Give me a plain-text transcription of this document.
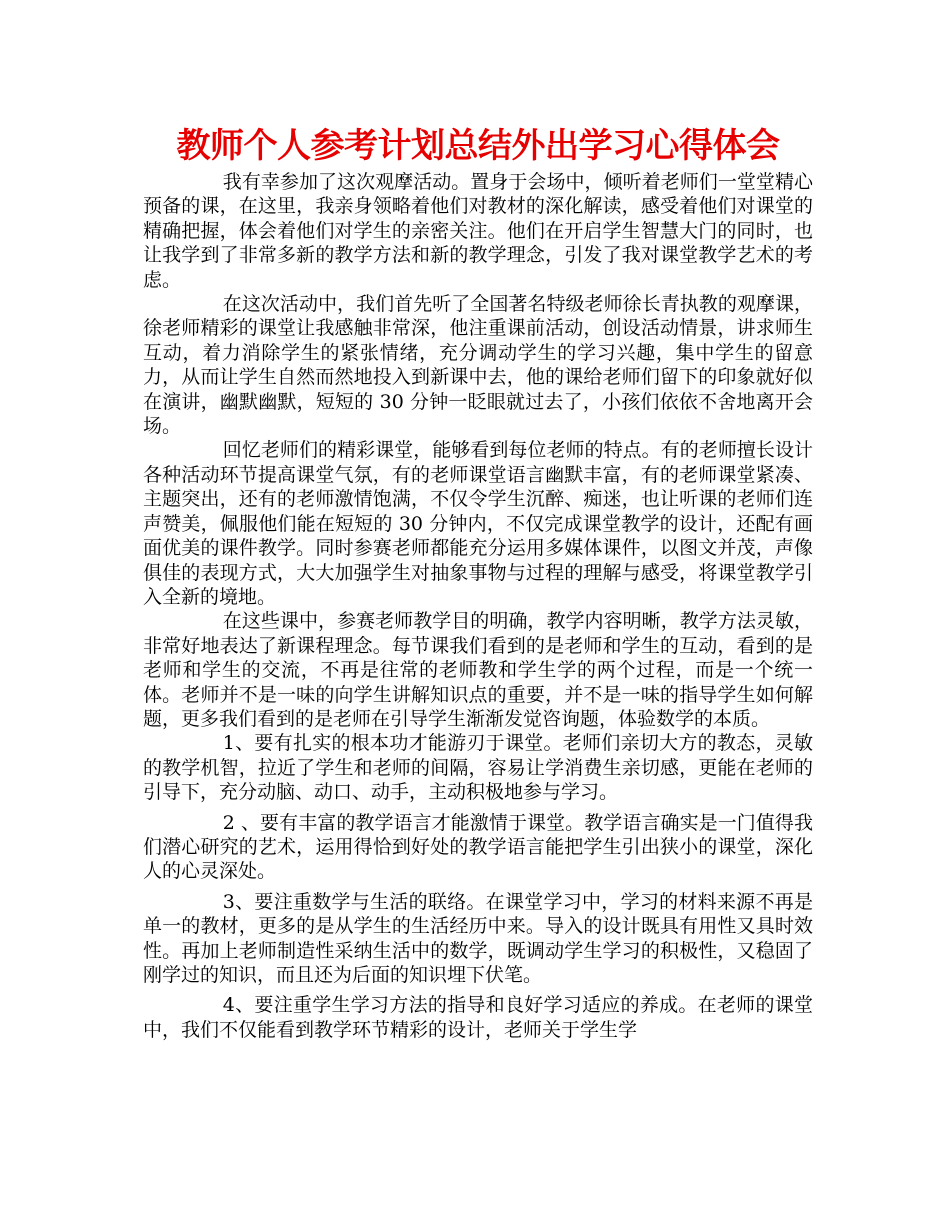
教师个人参考计划总结外出学习心得体会

我有幸参加了这次观摩活动。置身于会场中，倾听着老师们一堂堂精心预备的课，在这里，我亲身领略着他们对教材的深化解读，感受着他们对课堂的精确把握，体会着他们对学生的亲密关注。他们在开启学生智慧大门的同时，也让我学到了非常多新的教学方法和新的教学理念，引发了我对课堂教学艺术的考虑。

在这次活动中，我们首先听了全国著名特级老师徐长青执教的观摩课，徐老师精彩的课堂让我感触非常深，他注重课前活动，创设活动情景，讲求师生互动，着力消除学生的紧张情绪，充分调动学生的学习兴趣，集中学生的留意力，从而让学生自然而然地投入到新课中去，他的课给老师们留下的印象就好似在演讲，幽默幽默，短短的 30 分钟一眨眼就过去了，小孩们依依不舍地离开会场。

回忆老师们的精彩课堂，能够看到每位老师的特点。有的老师擅长设计各种活动环节提高课堂气氛，有的老师课堂语言幽默丰富，有的老师课堂紧凑、主题突出，还有的老师激情饱满，不仅令学生沉醉、痴迷，也让听课的老师们连声赞美，佩服他们能在短短的 30 分钟内，不仅完成课堂教学的设计，还配有画面优美的课件教学。同时参赛老师都能充分运用多媒体课件，以图文并茂，声像俱佳的表现方式，大大加强学生对抽象事物与过程的理解与感受，将课堂教学引入全新的境地。

在这些课中，参赛老师教学目的明确，教学内容明晰，教学方法灵敏，非常好地表达了新课程理念。每节课我们看到的是老师和学生的互动，看到的是老师和学生的交流，不再是往常的老师教和学生学的两个过程，而是一个统一体。老师并不是一味的向学生讲解知识点的重要，并不是一味的指导学生如何解题，更多我们看到的是老师在引导学生渐渐发觉咨询题，体验数学的本质。

1、要有扎实的根本功才能游刃于课堂。老师们亲切大方的教态，灵敏的教学机智，拉近了学生和老师的间隔，容易让学消费生亲切感，更能在老师的引导下，充分动脑、动口、动手，主动积极地参与学习。

2 、要有丰富的教学语言才能激情于课堂。教学语言确实是一门值得我们潜心研究的艺术，运用得恰到好处的教学语言能把学生引出狭小的课堂，深化人的心灵深处。

3、要注重数学与生活的联络。在课堂学习中，学习的材料来源不再是单一的教材，更多的是从学生的生活经历中来。导入的设计既具有用性又具时效性。再加上老师制造性采纳生活中的数学，既调动学生学习的积极性，又稳固了刚学过的知识，而且还为后面的知识埋下伏笔。

4、要注重学生学习方法的指导和良好学习适应的养成。在老师的课堂中，我们不仅能看到教学环节精彩的设计，老师关于学生学
